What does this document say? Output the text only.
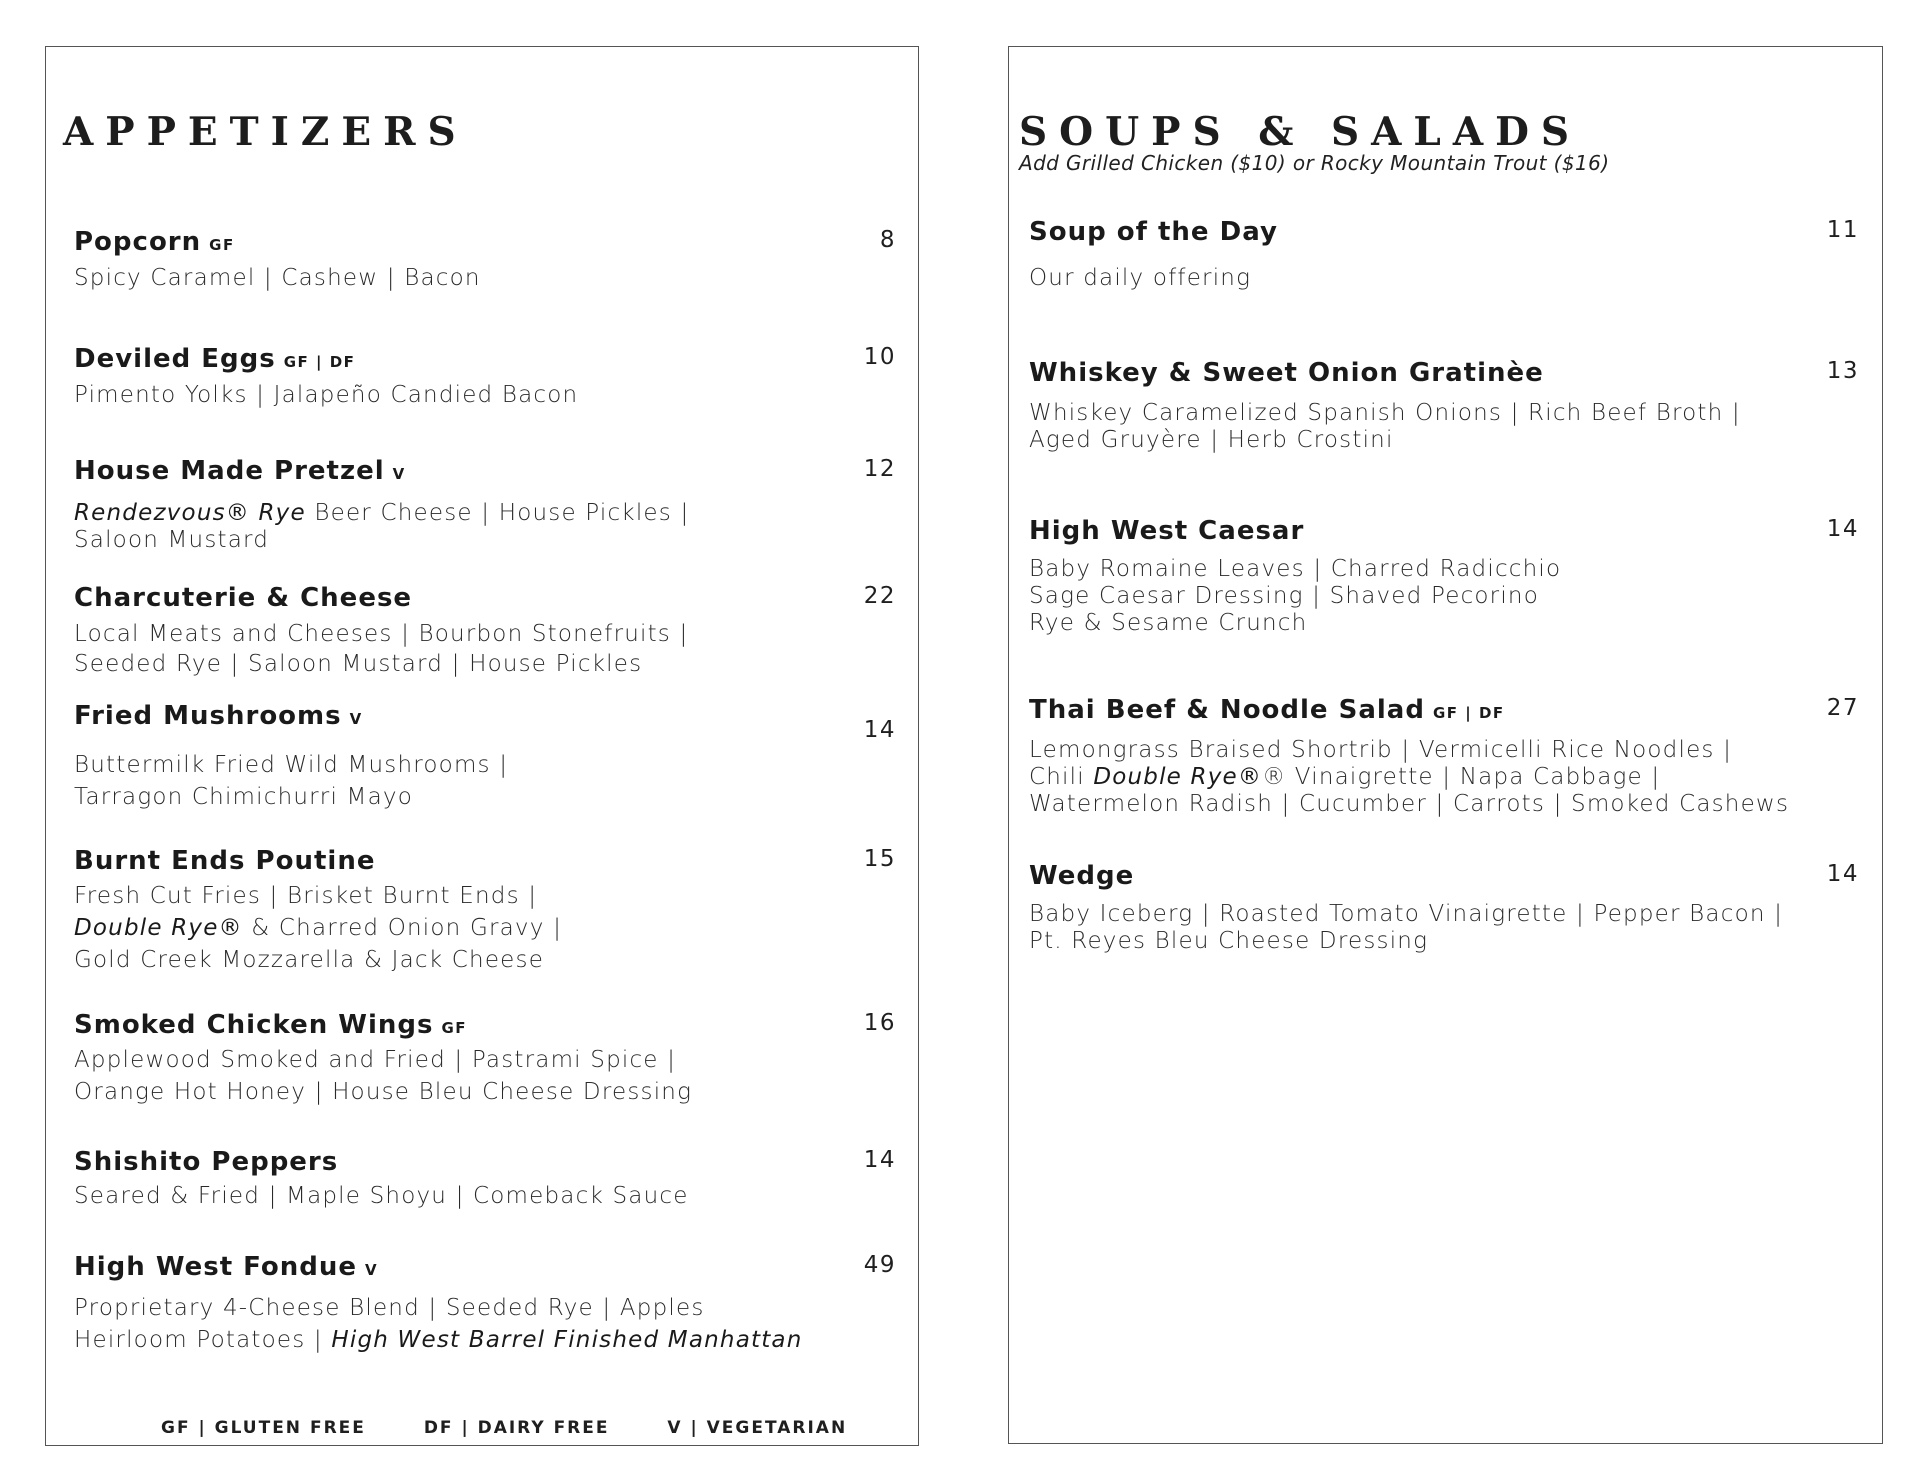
APPETIZERS
Popcorn GF	8
Spicy Caramel | Cashew | Bacon
Deviled Eggs GF | DF	10
Pimento Yolks | Jalapeño Candied Bacon
House Made Pretzel V	12
Rendezvous® Rye Beer Cheese | House Pickles |
Saloon Mustard
Charcuterie & Cheese	22
Local Meats and Cheeses | Bourbon Stonefruits |
Seeded Rye | Saloon Mustard | House Pickles
Fried Mushrooms V	14
Buttermilk Fried Wild Mushrooms |
Tarragon Chimichurri Mayo
Burnt Ends Poutine	15
Fresh Cut Fries | Brisket Burnt Ends |
Double Rye® & Charred Onion Gravy |
Gold Creek Mozzarella & Jack Cheese
Smoked Chicken Wings GF	16
Applewood Smoked and Fried | Pastrami Spice |
Orange Hot Honey | House Bleu Cheese Dressing
Shishito Peppers	14
Seared & Fried | Maple Shoyu | Comeback Sauce
High West Fondue V	49
Proprietary 4-Cheese Blend | Seeded Rye | Apples
Heirloom Potatoes | High West Barrel Finished Manhattan
GF | GLUTEN FREE	DF | DAIRY FREE	V | VEGETARIAN
SOUPS & SALADS
Add Grilled Chicken ($10) or Rocky Mountain Trout ($16)
Soup of the Day	11
Our daily offering
Whiskey & Sweet Onion Gratinèe	13
Whiskey Caramelized Spanish Onions | Rich Beef Broth |
Aged Gruyère | Herb Crostini
High West Caesar	14
Baby Romaine Leaves | Charred Radicchio
Sage Caesar Dressing | Shaved Pecorino
Rye & Sesame Crunch
Thai Beef & Noodle Salad GF | DF	27
Lemongrass Braised Shortrib | Vermicelli Rice Noodles |
Chili Double Rye®® Vinaigrette | Napa Cabbage |
Watermelon Radish | Cucumber | Carrots | Smoked Cashews
Wedge	14
Baby Iceberg | Roasted Tomato Vinaigrette | Pepper Bacon |
Pt. Reyes Bleu Cheese Dressing
